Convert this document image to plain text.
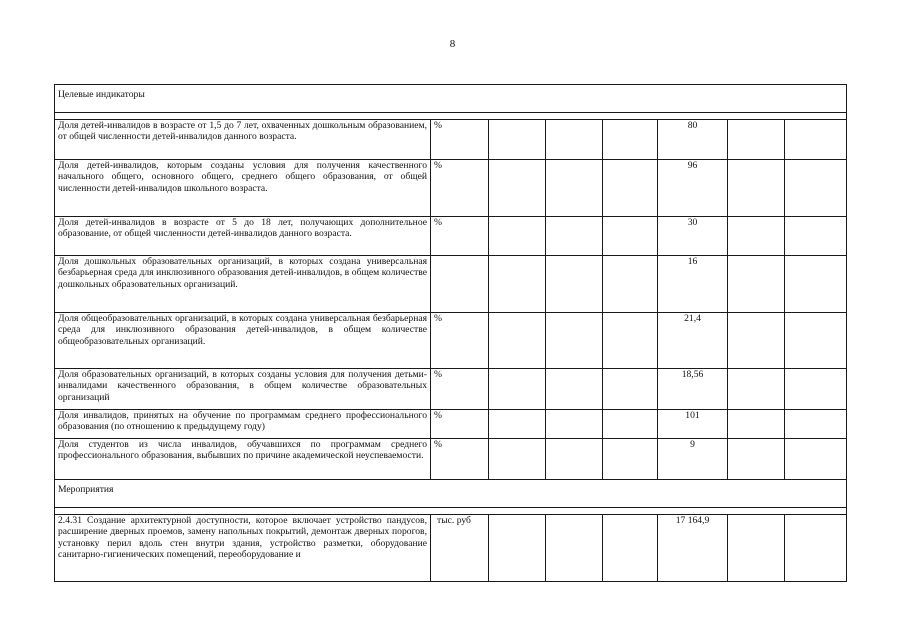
8
Целевые индикаторы							

Доля детей-инвалидов в возрасте от 1,5 до 7 лет, охваченных дошкольным образованием, от общей численности детей-инвалидов данного возраста.	%				80		
Доля детей-инвалидов, которым созданы условия для получения качественного начального общего, основного общего, среднего общего образования, от общей численности детей-инвалидов школьного возраста.	%				96		
Доля детей-инвалидов в возрасте от 5 до 18 лет, получающих дополнительное образование, от общей численности детей-инвалидов данного возраста.	%				30		
Доля дошкольных образовательных организаций, в которых создана универсальная безбарьерная среда для инклюзивного образования детей-инвалидов, в общем количестве дошкольных образовательных организаций.					16		
Доля общеобразовательных организаций, в которых создана универсальная безбарьерная среда для инклюзивного образования детей-инвалидов, в общем количестве общеобразовательных организаций.	%				21,4		
Доля образовательных организаций, в которых созданы условия для получения детьми-инвалидами качественного образования, в общем количестве образовательных организаций	%				18,56		
Доля инвалидов, принятых на обучение по программам среднего профессионального образования (по отношению к предыдущему году)	%				101		
Доля студентов из числа инвалидов, обучавшихся по программам среднего профессионального образования, выбывших по причине академической неуспеваемости.	%				9		
Мероприятия							

2.4.31 Создание архитектурной доступности, которое включает устройство пандусов, расширение дверных проемов, замену напольных покрытий, демонтаж дверных порогов, установку перил вдоль стен внутри здания, устройство разметки, оборудование санитарно-гигиенических помещений, переоборудование и	тыс. руб				17 164,9		
